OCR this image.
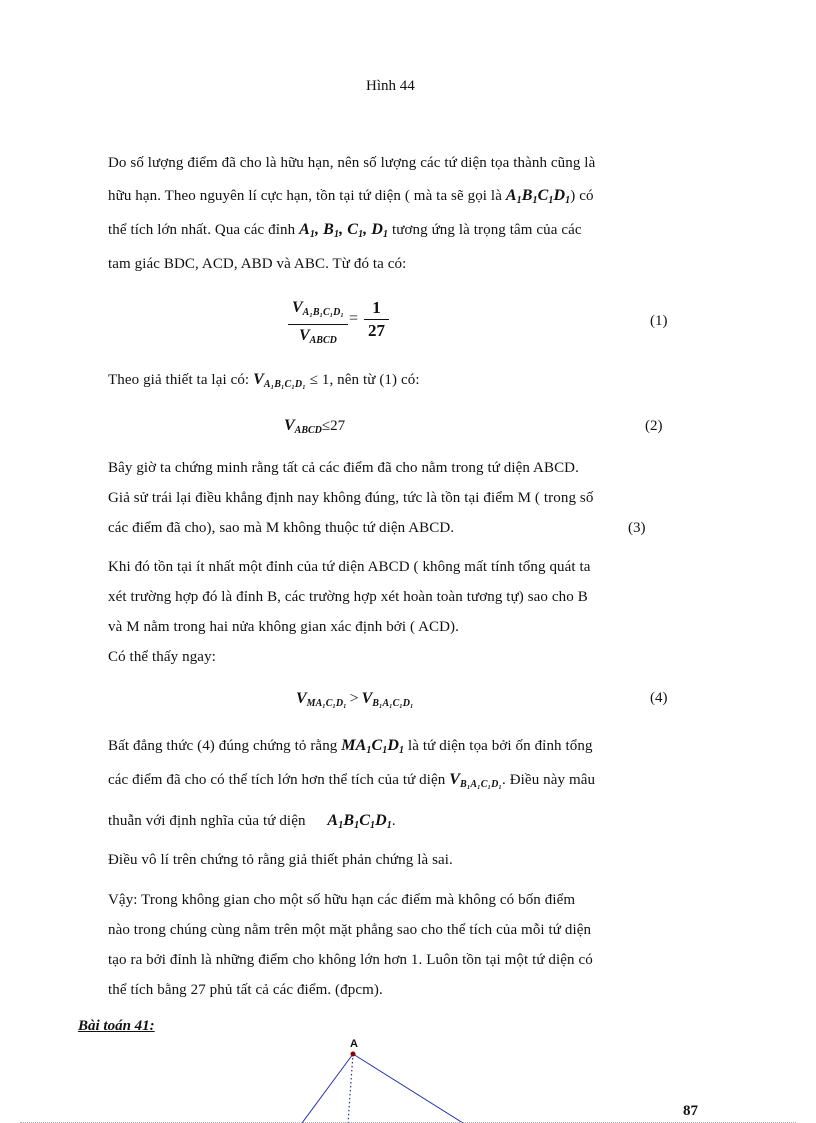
Hình 44
Do số lượng điểm đã cho là hữu hạn, nên số lượng các tứ diện tọa thành cũng là
hữu hạn. Theo nguyên lí cực hạn, tồn tại tứ diện ( mà ta sẽ gọi là $A_1B_1C_1D_1$) có
thể tích lớn nhất. Qua các đỉnh $A_1$, $B_1$, $C_1$, $D_1$ tương ứng là trọng tâm của các
tam giác BDC, ACD, ABD và ABC. Từ đó ta có:
$V_{A_1B_1C_1D_1}$
$V_{ABCD}$
=
1
27	(1)
Theo giả thiết ta lại có: $V_{A_1B_1C_1D_1} \le 1$, nên từ (1) có:
$V_{ABCD}\le 27$	(2)
Bây giờ ta chứng minh rằng tất cả các điểm đã cho nằm trong tứ diện ABCD.
Giả sử trái lại điều khẳng định nay không đúng, tức là tồn tại điểm M ( trong số
các điểm đã cho), sao mà M không thuộc tứ diện ABCD.	(3)
Khi đó tồn tại ít nhất một đỉnh của tứ diện ABCD ( không mất tính tổng quát ta
xét trường hợp đó là đỉnh B, các trường hợp xét hoàn toàn tương tự) sao cho B
và M nằm trong hai nửa không gian xác định bởi ( ACD).
Có thể thấy ngay:
$V_{MA_1C_1D_1} > V_{B_1A_1C_1D_1}$	(4)
Bất đẳng thức (4) đúng chứng tỏ rằng $MA_1C_1D_1$ là tứ diện tọa bởi ốn đỉnh tổng
các điểm đã cho có thể tích lớn hơn thể tích của tứ diện $V_{B_1A_1C_1D_1}$. Điều này mâu
thuẫn với định nghĩa của tứ diện $A_1B_1C_1D_1$.
Điều vô lí trên chứng tỏ rằng giả thiết phản chứng là sai.
Vậy: Trong không gian cho một số hữu hạn các điểm mà không có bốn điểm
nào trong chúng cùng nằm trên một mặt phẳng sao cho thể tích của mỗi tứ diện
tạo ra bởi đỉnh là những điểm cho không lớn hơn 1. Luôn tồn tại một tứ diện có
thể tích bằng 27 phủ tất cả các điểm. (đpcm).
Bài toán 41:
A
87
